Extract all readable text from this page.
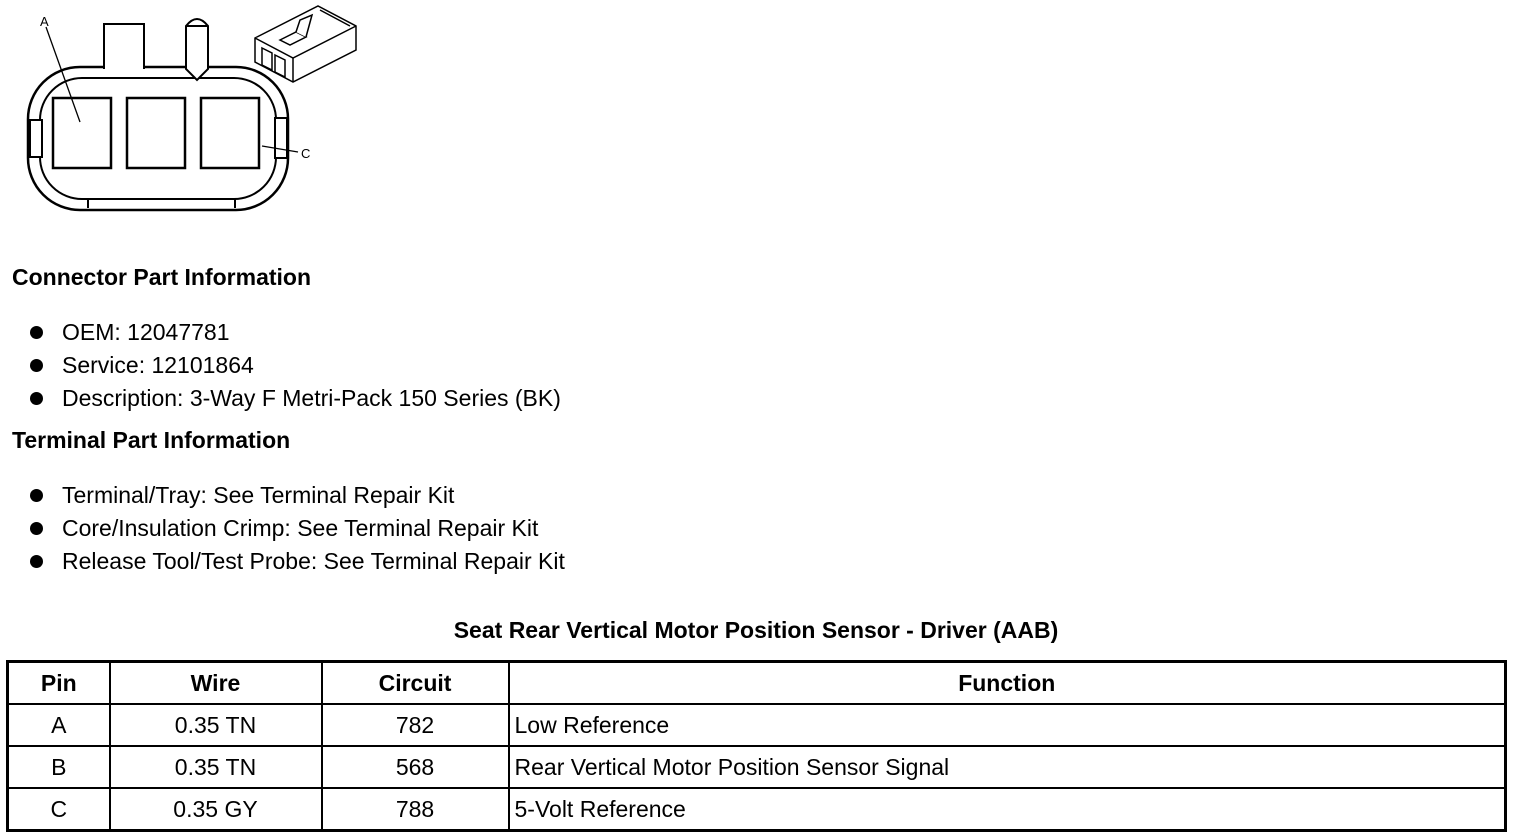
A
C
Connector Part Information
OEM: 12047781
Service: 12101864
Description: 3-Way F Metri-Pack 150 Series (BK)
Terminal Part Information
Terminal/Tray: See Terminal Repair Kit
Core/Insulation Crimp: See Terminal Repair Kit
Release Tool/Test Probe: See Terminal Repair Kit
Seat Rear Vertical Motor Position Sensor - Driver (AAB)
Pin	Wire	Circuit	Function
A	0.35 TN	782	Low Reference
B	0.35 TN	568	Rear Vertical Motor Position Sensor Signal
C	0.35 GY	788	5-Volt Reference
